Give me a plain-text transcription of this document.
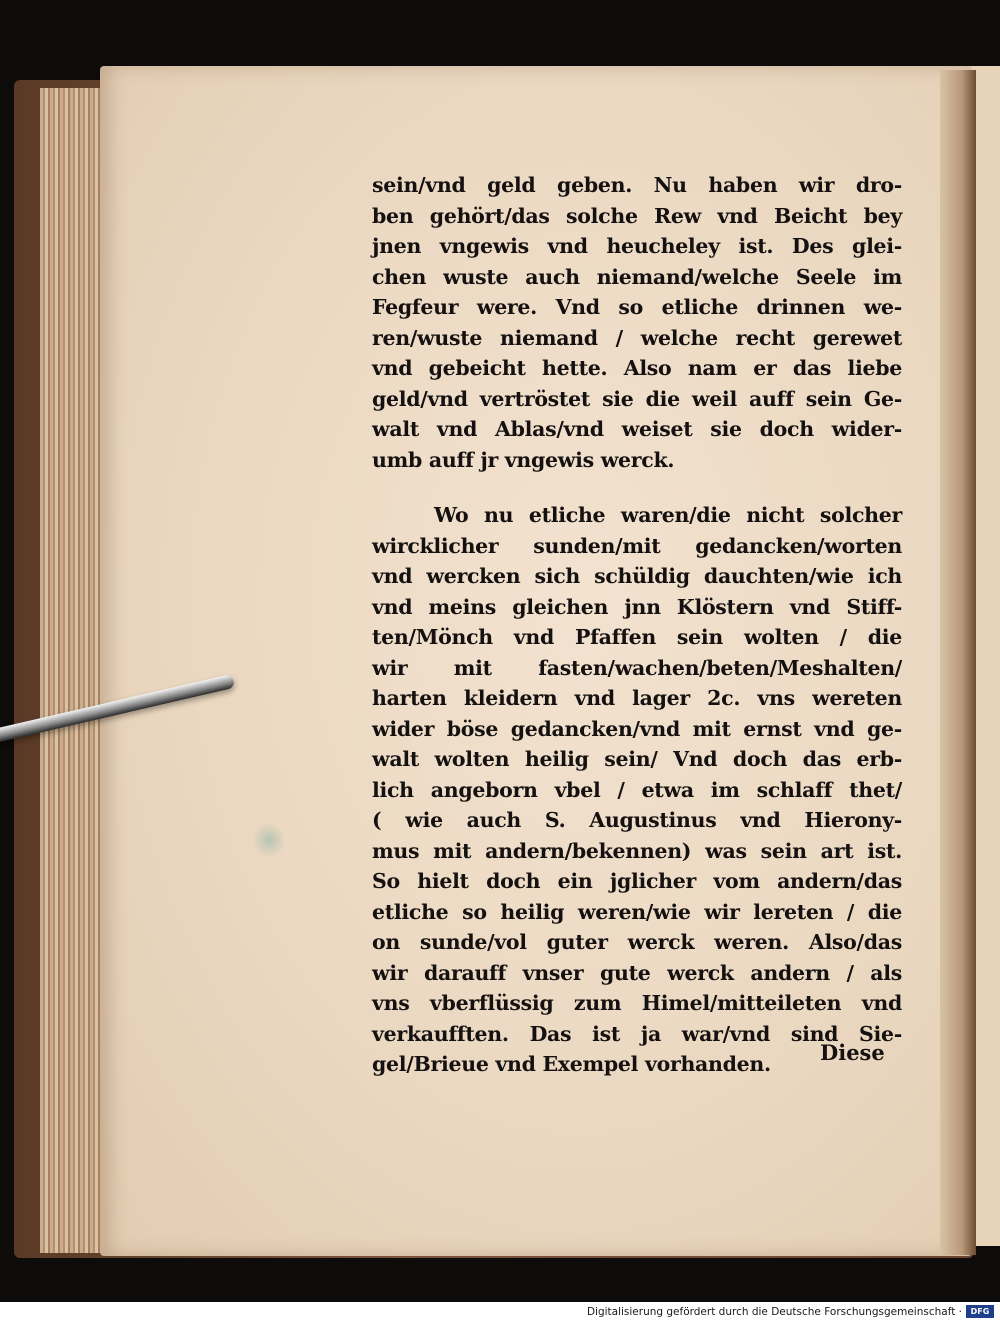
sein/vnd geld geben. Nu haben wir dro-
ben gehört/das solche Rew vnd Beicht bey
jnen vngewis vnd heucheley ist. Des glei-
chen wuste auch niemand/welche Seele im
Fegfeur were. Vnd so etliche drinnen we-
ren/wuste niemand / welche recht gerewet
vnd gebeicht hette. Also nam er das liebe
geld/vnd vertröstet sie die weil auff sein Ge-
walt vnd Ablas/vnd weiset sie doch wider-
umb auff jr vngewis werck.
Wo nu etliche waren/die nicht solcher
wircklicher sunden/mit gedancken/worten
vnd wercken sich schüldig dauchten/wie ich
vnd meins gleichen jnn Klöstern vnd Stiff-
ten/Mönch vnd Pfaffen sein wolten / die
wir mit fasten/wachen/beten/Meshalten/
harten kleidern vnd lager 2c. vns wereten
wider böse gedancken/vnd mit ernst vnd ge-
walt wolten heilig sein/ Vnd doch das erb-
lich angeborn vbel / etwa im schlaff thet/
( wie auch S. Augustinus vnd Hierony-
mus mit andern/bekennen) was sein art ist.
So hielt doch ein jglicher vom andern/das
etliche so heilig weren/wie wir lereten / die
on sunde/vol guter werck weren. Also/das
wir darauff vnser gute werck andern / als
vns vberflüssig zum Himel/mitteileten vnd
verkaufften. Das ist ja war/vnd sind Sie-
gel/Brieue vnd Exempel vorhanden.	Diese
Digitalisierung gefördert durch die Deutsche Forschungsgemeinschaft ·	DFG
